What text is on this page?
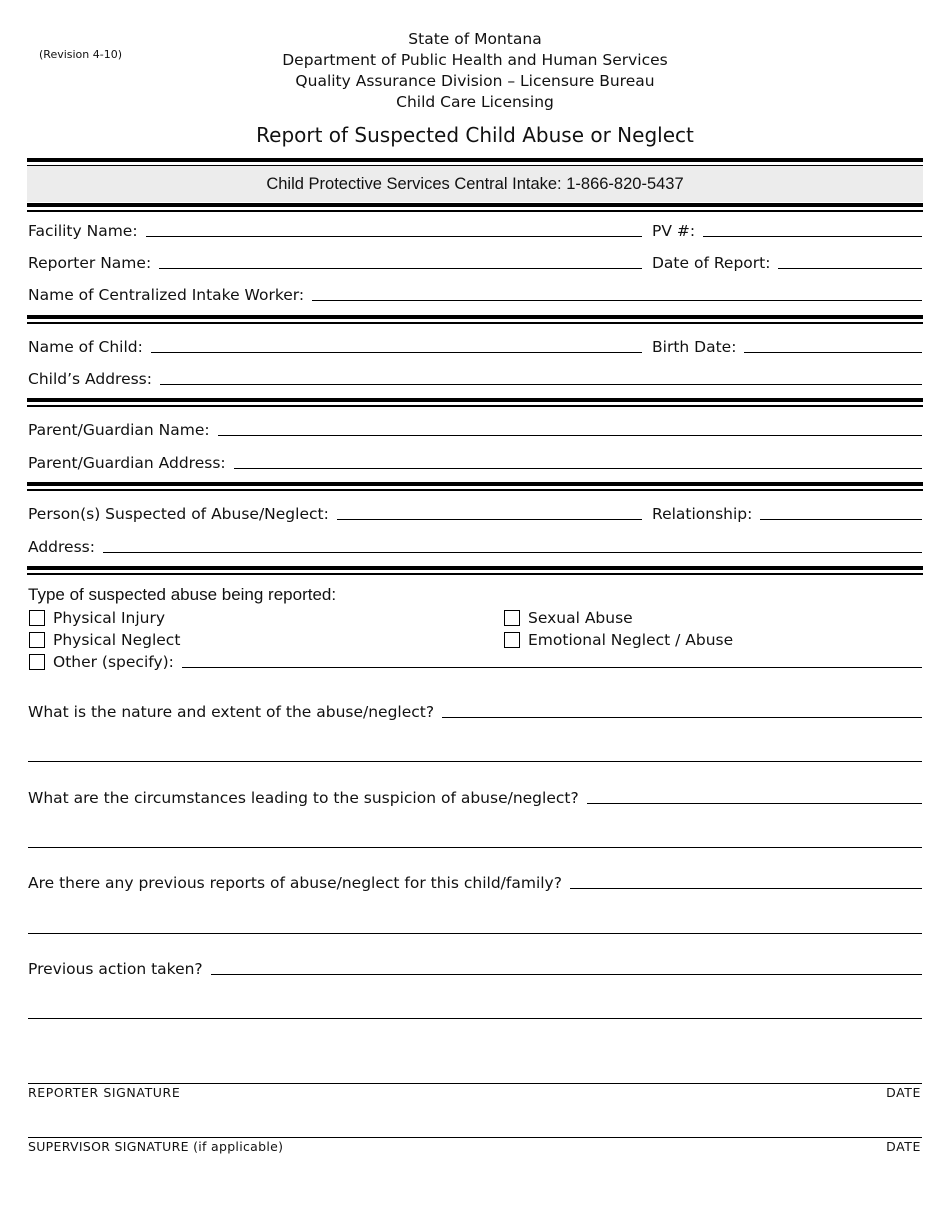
(Revision 4-10)
State of Montana
Department of Public Health and Human Services
Quality Assurance Division – Licensure Bureau
Child Care Licensing
Report of Suspected Child Abuse or Neglect
Child Protective Services Central Intake: 1-866-820-5437
Facility Name:	PV #:
Reporter Name:	Date of Report:
Name of Centralized Intake Worker:
Name of Child:	Birth Date:
Child’s Address:
Parent/Guardian Name:
Parent/Guardian Address:
Person(s) Suspected of Abuse/Neglect:	Relationship:
Address:
Type of suspected abuse being reported:
Physical Injury
Physical Neglect
Other (specify):
Sexual Abuse
Emotional Neglect / Abuse
What is the nature and extent of the abuse/neglect?
What are the circumstances leading to the suspicion of abuse/neglect?
Are there any previous reports of abuse/neglect for this child/family?
Previous action taken?
REPORTER SIGNATURE	DATE
SUPERVISOR SIGNATURE (if applicable)	DATE
